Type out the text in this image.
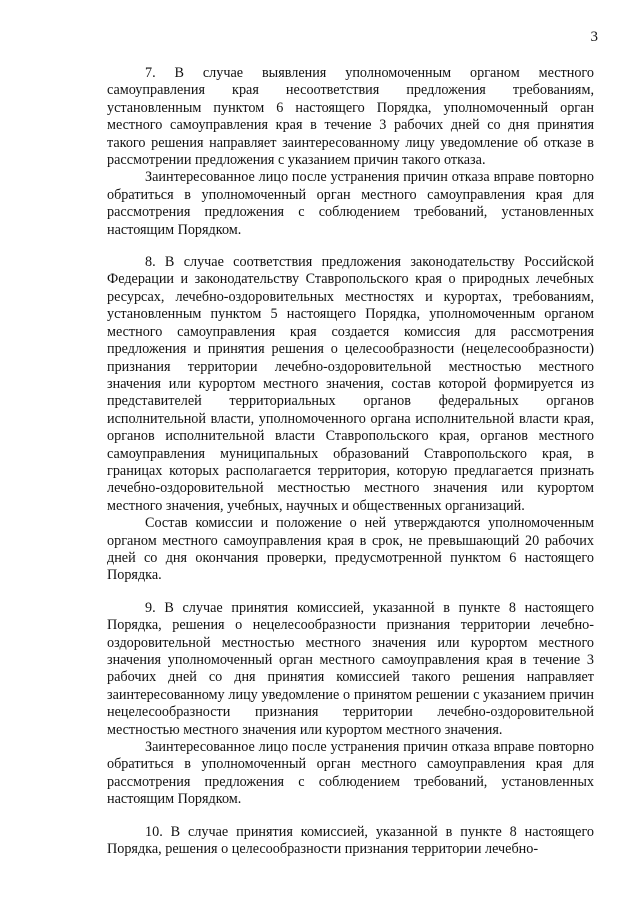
3

7. В случае выявления уполномоченным органом местного самоуправления края несоответствия предложения требованиям, установленным пунктом 6 настоящего Порядка, уполномоченный орган местного самоуправления края в течение 3 рабочих дней со дня принятия такого решения направляет заинтересованному лицу уведомление об отказе в рассмотрении предложения с указанием причин такого отказа.

Заинтересованное лицо после устранения причин отказа вправе повторно обратиться в уполномоченный орган местного самоуправления края для рассмотрения предложения с соблюдением требований, установленных настоящим Порядком.

8. В случае соответствия предложения законодательству Российской Федерации и законодательству Ставропольского края о природных лечебных ресурсах, лечебно-оздоровительных местностях и курортах, требованиям, установленным пунктом 5 настоящего Порядка, уполномоченным органом местного самоуправления края создается комиссия для рассмотрения предложения и принятия решения о целесообразности (нецелесообразности) признания территории лечебно-оздоровительной местностью местного значения или курортом местного значения, состав которой формируется из представителей территориальных органов федеральных органов исполнительной власти, уполномоченного органа исполнительной власти края, органов исполнительной власти Ставропольского края, органов местного самоуправления муниципальных образований Ставропольского края, в границах которых располагается территория, которую предлагается признать лечебно-оздоровительной местностью местного значения или курортом местного значения, учебных, научных и общественных организаций.

Состав комиссии и положение о ней утверждаются уполномоченным органом местного самоуправления края в срок, не превышающий 20 рабочих дней со дня окончания проверки, предусмотренной пунктом 6 настоящего Порядка.

9. В случае принятия комиссией, указанной в пункте 8 настоящего Порядка, решения о нецелесообразности признания территории лечебно-оздоровительной местностью местного значения или курортом местного значения уполномоченный орган местного самоуправления края в течение 3 рабочих дней со дня принятия комиссией такого решения направляет заинтересованному лицу уведомление о принятом решении с указанием причин нецелесообразности признания территории лечебно-оздоровительной местностью местного значения или курортом местного значения.

Заинтересованное лицо после устранения причин отказа вправе повторно обратиться в уполномоченный орган местного самоуправления края для рассмотрения предложения с соблюдением требований, установленных настоящим Порядком.

10. В случае принятия комиссией, указанной в пункте 8 настоящего Порядка, решения о целесообразности признания территории лечебно-
